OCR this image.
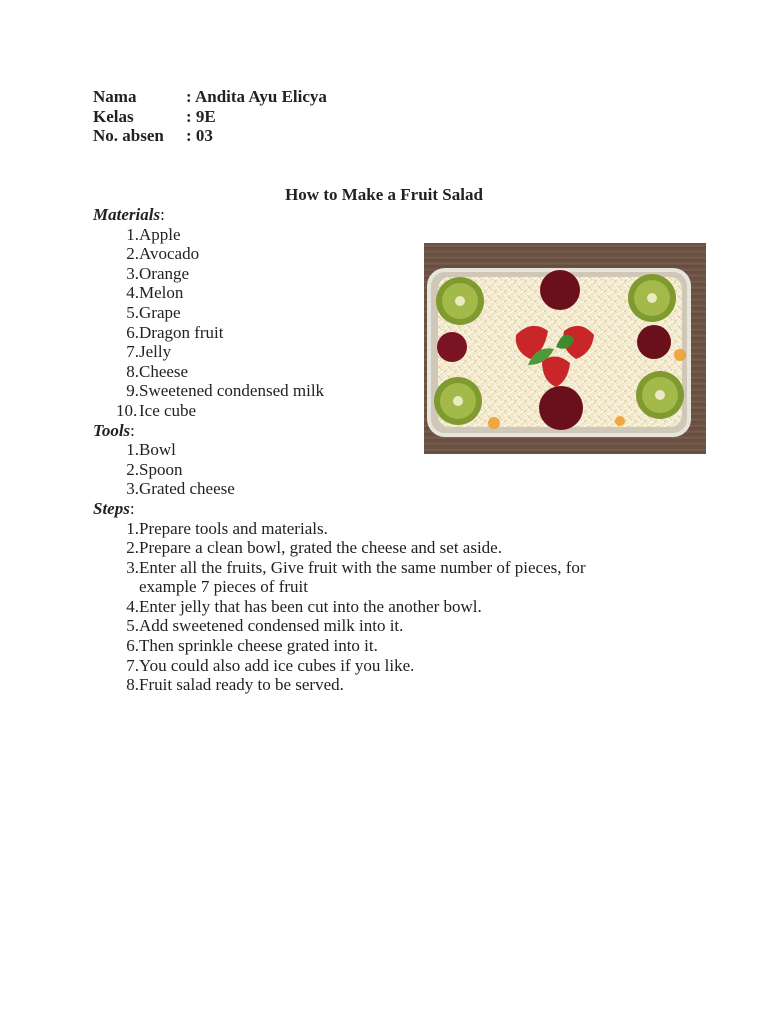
Nama	: Andita Ayu Elicya
Kelas	: 9E
No. absen	: 03
How to Make a Fruit Salad
Materials:
1. Apple
2. Avocado
3. Orange
4. Melon
5. Grape
6. Dragon fruit
7. Jelly
8. Cheese
9. Sweetened condensed milk
10. Ice cube
Tools:
1. Bowl
2. Spoon
3. Grated cheese
Steps:
1. Prepare tools and materials.
2. Prepare a clean bowl, grated the cheese and set aside.
3. Enter all the fruits, Give fruit with the same number of pieces, for example 7 pieces of fruit
4. Enter jelly that has been cut into the another bowl.
5. Add sweetened condensed milk into it.
6. Then sprinkle cheese grated into it.
7. You could also add ice cubes if you like.
8. Fruit salad ready to be served.
